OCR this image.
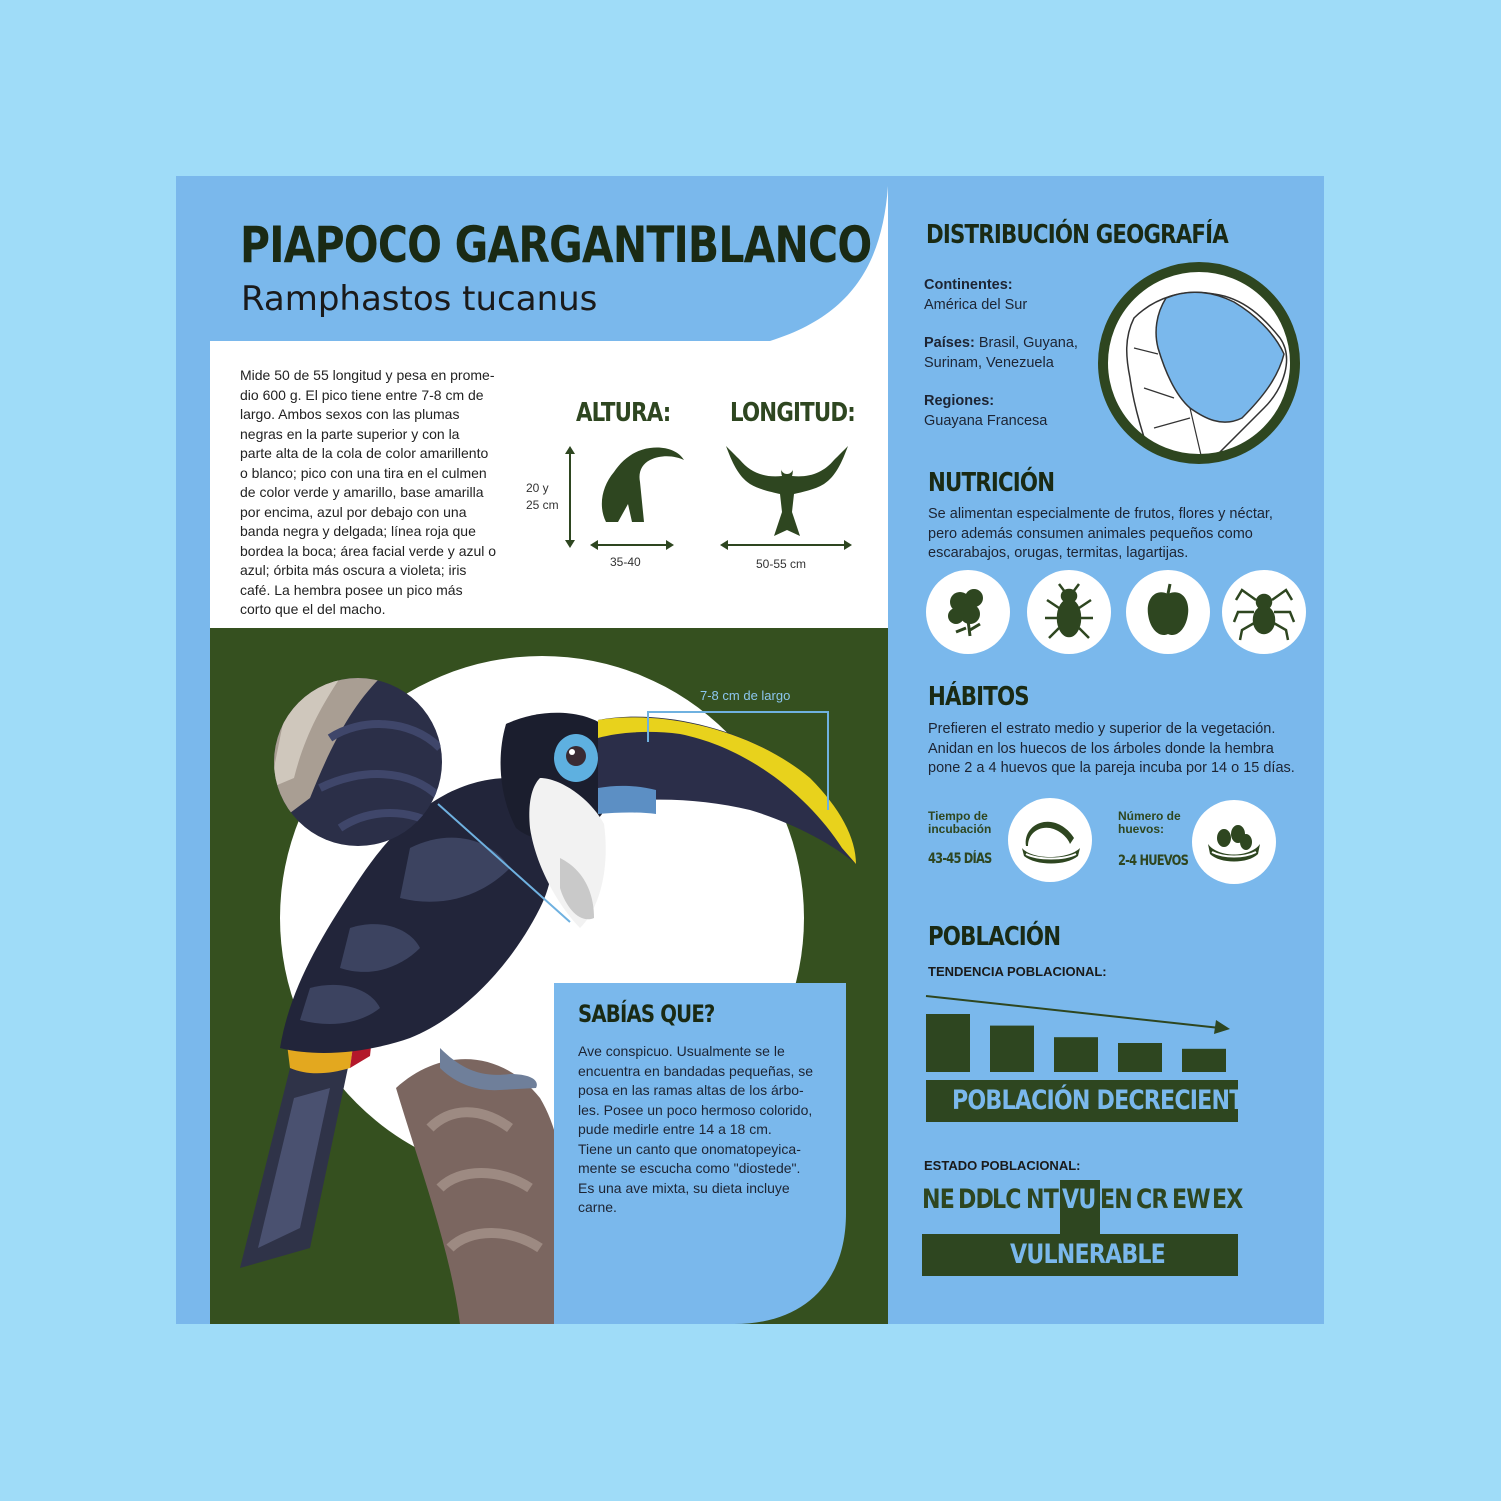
PIAPOCO GARGANTIBLANCO
Ramphastos tucanus
Mide 50 de 55 longitud y pesa en prome-
dio 600 g. El pico tiene entre 7-8 cm de
largo. Ambos sexos con las plumas
negras en la parte superior y con la
parte alta de la cola de color amarillento
o blanco; pico con una tira en el culmen
de color verde y amarillo, base amarilla
por encima, azul por debajo con una
banda negra y delgada; línea roja que
bordea la boca; área facial verde y azul o
azul; órbita más oscura a violeta; iris
café. La hembra posee un pico más
corto que el del macho.
ALTURA: LONGITUD:
20 y
25 cm
35-40	50-55 cm
7-8 cm de largo
SABÍAS QUE?
Ave conspicuo. Usualmente se le
encuentra en bandadas pequeñas, se
posa en las ramas altas de los árbo-
les. Posee un poco hermoso colorido,
pude medirle entre 14 a 18 cm.
Tiene un canto que onomatopeyica-
mente se escucha como "diostede".
Es una ave mixta, su dieta incluye
carne.
DISTRIBUCIÓN GEOGRAFÍA
Continentes:
América del Sur
Países: Brasil, Guyana,
Surinam, Venezuela
Regiones:
Guayana Francesa
NUTRICIÓN
Se alimentan especialmente de frutos, flores y néctar,
pero además consumen animales pequeños como
escarabajos, orugas, termitas, lagartijas.
HÁBITOS
Prefieren el estrato medio y superior de la vegetación.
Anidan en los huecos de los árboles donde la hembra
pone 2 a 4 huevos que la pareja incuba por 14 o 15 días.
Tiempo de
incubación
43-45 DÍAS
Número de
huevos:
2-4 HUEVOS
POBLACIÓN
TENDENCIA POBLACIONAL:
POBLACIÓN DECRECIENTE
ESTADO POBLACIONAL:
NE DD
LC NT VU EN CR EW EX
VULNERABLE
